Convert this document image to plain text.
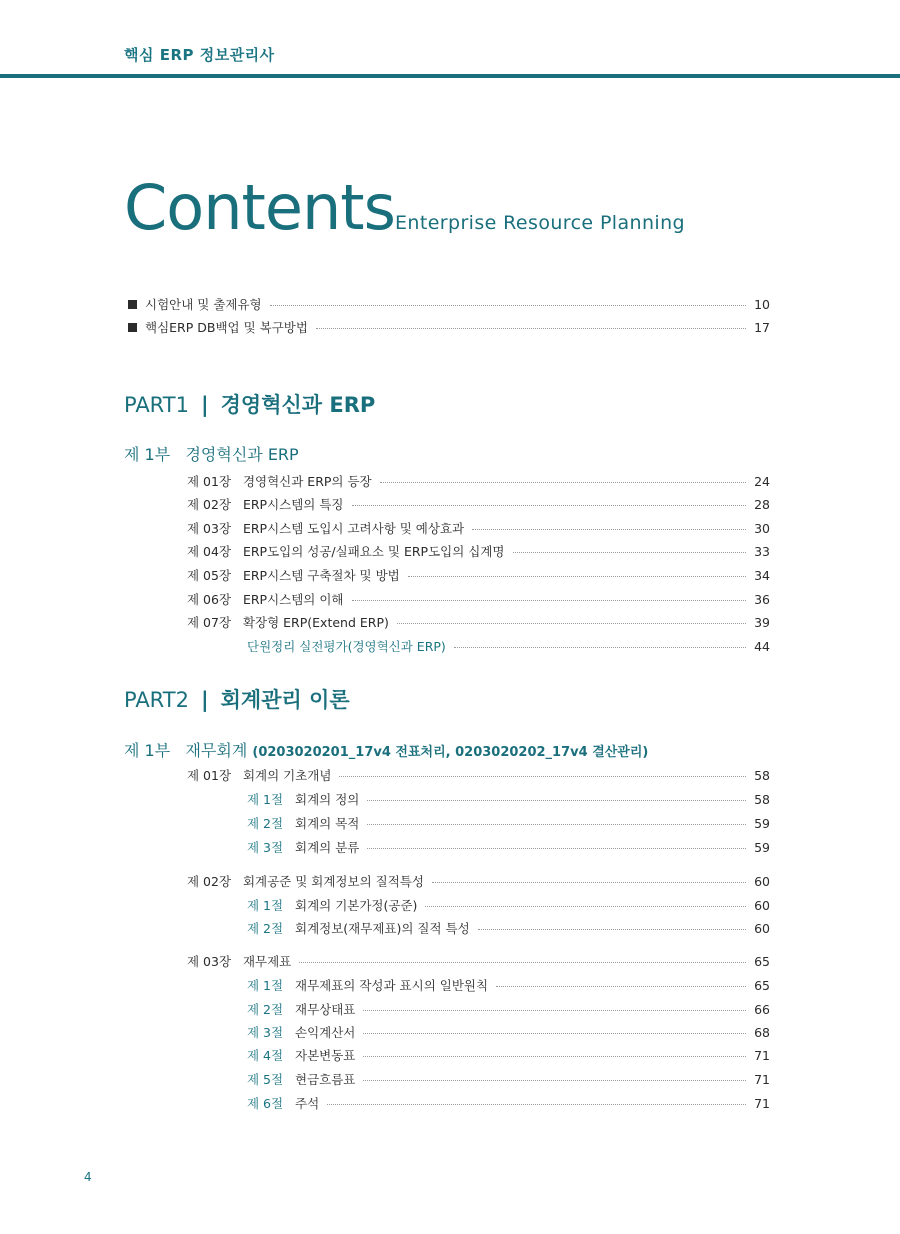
핵심 ERP 정보관리사
Contents Enterprise Resource Planning
시험안내 및 출제유형	10
핵심ERP DB백업 및 복구방법	17
PART1 | 경영혁신과 ERP
제 1부 경영혁신과 ERP
제 01장 경영혁신과 ERP의 등장	24
제 02장 ERP시스템의 특징	28
제 03장 ERP시스템 도입시 고려사항 및 예상효과	30
제 04장 ERP도입의 성공/실패요소 및 ERP도입의 십계명	33
제 05장 ERP시스템 구축절차 및 방법	34
제 06장 ERP시스템의 이해	36
제 07장 확장형 ERP(Extend ERP)	39
단원정리 실전평가(경영혁신과 ERP)	44
PART2 | 회계관리 이론
제 1부 재무회계 (0203020201_17v4 전표처리, 0203020202_17v4 결산관리)
제 01장 회계의 기초개념	58
제 1절 회계의 정의	58
제 2절 회계의 목적	59
제 3절 회계의 분류	59
제 02장 회계공준 및 회계정보의 질적특성	60
제 1절 회계의 기본가정(공준)	60
제 2절 회계정보(재무제표)의 질적 특성	60
제 03장 재무제표	65
제 1절 재무제표의 작성과 표시의 일반원칙	65
제 2절 재무상태표	66
제 3절 손익계산서	68
제 4절 자본변동표	71
제 5절 현금흐름표	71
제 6절 주석	71
4
